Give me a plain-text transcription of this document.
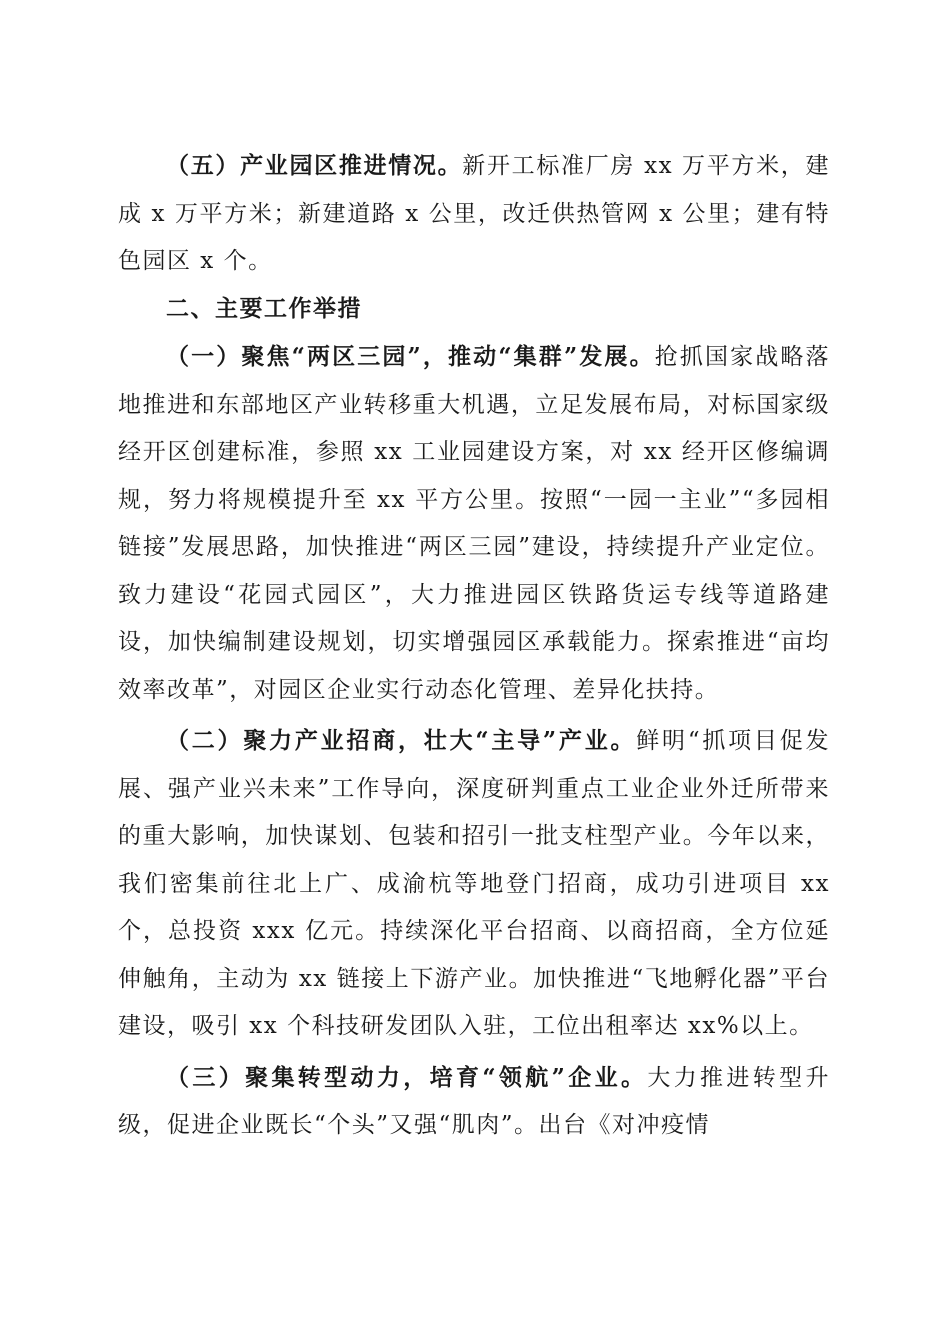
（五）产业园区推进情况。新开工标准厂房 xx 万平方米，建成 x 万平方米；新建道路 x 公里，改迁供热管网 x 公里；建有特色园区 x 个。

二、主要工作举措

（一）聚焦“两区三园”，推动“集群”发展。抢抓国家战略落地推进和东部地区产业转移重大机遇，立足发展布局，对标国家级经开区创建标准，参照 xx 工业园建设方案，对 xx 经开区修编调规，努力将规模提升至 xx 平方公里。按照“一园一主业”“多园相链接”发展思路，加快推进“两区三园”建设，持续提升产业定位。致力建设“花园式园区”，大力推进园区铁路货运专线等道路建设，加快编制建设规划，切实增强园区承载能力。探索推进“亩均效率改革”，对园区企业实行动态化管理、差异化扶持。

（二）聚力产业招商，壮大“主导”产业。鲜明“抓项目促发展、强产业兴未来”工作导向，深度研判重点工业企业外迁所带来的重大影响，加快谋划、包装和招引一批支柱型产业。今年以来，我们密集前往北上广、成渝杭等地登门招商，成功引进项目 xx 个，总投资 xxx 亿元。持续深化平台招商、以商招商，全方位延伸触角，主动为 xx 链接上下游产业。加快推进“飞地孵化器”平台建设，吸引 xx 个科技研发团队入驻，工位出租率达 xx%以上。

（三）聚集转型动力，培育“领航”企业。大力推进转型升级，促进企业既长“个头”又强“肌肉”。出台《对冲疫情
